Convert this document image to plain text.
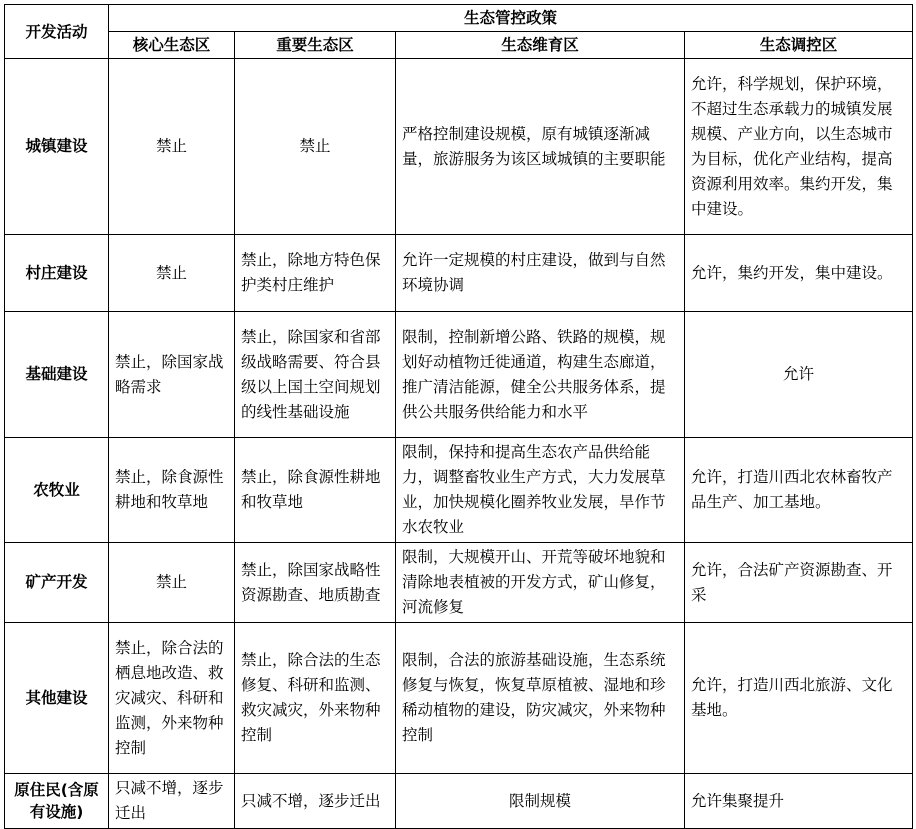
开发活动	生态管控政策			
	核心生态区	重要生态区	生态维育区	生态调控区
城镇建设	禁止	禁止	严格控制建设规模，原有城镇逐渐减量，旅游服务为该区域城镇的主要职能	允许，科学规划，保护环境，不超过生态承载力的城镇发展规模、产业方向，以生态城市为目标，优化产业结构，提高资源利用效率。集约开发，集中建设。
村庄建设	禁止	禁止，除地方特色保护类村庄维护	允许一定规模的村庄建设，做到与自然环境协调	允许，集约开发，集中建设。
基础建设	禁止，除国家战略需求	禁止，除国家和省部级战略需要、符合县级以上国土空间规划的线性基础设施	限制，控制新增公路、铁路的规模，规划好动植物迁徙通道，构建生态廊道，推广清洁能源，健全公共服务体系，提供公共服务供给能力和水平	允许
农牧业	禁止，除食源性耕地和牧草地	禁止，除食源性耕地和牧草地	限制，保持和提高生态农产品供给能力，调整畜牧业生产方式，大力发展草业，加快规模化圈养牧业发展，旱作节水农牧业	允许，打造川西北农林畜牧产品生产、加工基地。
矿产开发	禁止	禁止，除国家战略性资源勘查、地质勘查	限制，大规模开山、开荒等破坏地貌和清除地表植被的开发方式，矿山修复，河流修复	允许，合法矿产资源勘查、开采
其他建设	禁止，除合法的栖息地改造、救灾减灾、科研和监测，外来物种控制	禁止，除合法的生态修复、科研和监测、救灾减灾，外来物种控制	限制，合法的旅游基础设施，生态系统修复与恢复，恢复草原植被、湿地和珍稀动植物的建设，防灾减灾，外来物种控制	允许，打造川西北旅游、文化基地。
原住民(含原有设施)	只减不增，逐步迁出	只减不增，逐步迁出	限制规模	允许集聚提升
